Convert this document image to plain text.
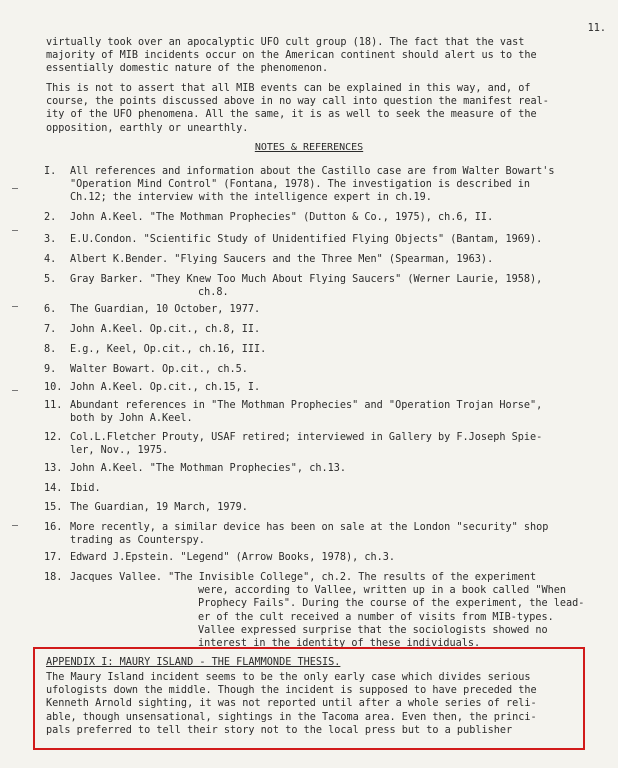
11.
virtually took over an apocalyptic UFO cult group (18). The fact that the vast
majority of MIB incidents occur on the American continent should alert us to the
essentially domestic nature of the phenomenon.
This is not to assert that all MIB events can be explained in this way, and, of
course, the points discussed above in no way call into question the manifest real-
ity of the UFO phenomena. All the same, it is as well to seek the measure of the
opposition, earthly or unearthly.
NOTES & REFERENCES
I.	All references and information about the Castillo case are from Walter Bowart's
"Operation Mind Control" (Fontana, 1978). The investigation is described in
Ch.12; the interview with the intelligence expert in ch.19.
2.	John A.Keel. "The Mothman Prophecies" (Dutton & Co., 1975), ch.6, II.
3.	E.U.Condon. "Scientific Study of Unidentified Flying Objects" (Bantam, 1969).
4.	Albert K.Bender. "Flying Saucers and the Three Men" (Spearman, 1963).
5.	Gray Barker. "They Knew Too Much About Flying Saucers" (Werner Laurie, 1958),
ch.8.
6.	The Guardian, 10 October, 1977.
7.	John A.Keel. Op.cit., ch.8, II.
8.	E.g., Keel, Op.cit., ch.16, III.
9.	Walter Bowart. Op.cit., ch.5.
10. John A.Keel. Op.cit., ch.15, I.
11. Abundant references in "The Mothman Prophecies" and "Operation Trojan Horse",
both by John A.Keel.
12. Col.L.Fletcher Prouty, USAF retired; interviewed in Gallery by F.Joseph Spie-
ler, Nov., 1975.
13. John A.Keel. "The Mothman Prophecies", ch.13.
14. Ibid.
15. The Guardian, 19 March, 1979.
16. More recently, a similar device has been on sale at the London "security" shop
trading as Counterspy.
17. Edward J.Epstein. "Legend" (Arrow Books, 1978), ch.3.
18. Jacques Vallee. "The Invisible College", ch.2. The results of the experiment
were, according to Vallee, written up in a book called "When
Prophecy Fails". During the course of the experiment, the lead-
er of the cult received a number of visits from MIB-types.
Vallee expressed surprise that the sociologists showed no
interest in the identity of these individuals.
APPENDIX I: MAURY ISLAND - THE FLAMMONDE THESIS.
The Maury Island incident seems to be the only early case which divides serious
ufologists down the middle. Though the incident is supposed to have preceded the
Kenneth Arnold sighting, it was not reported until after a whole series of reli-
able, though unsensational, sightings in the Tacoma area. Even then, the princi-
pals preferred to tell their story not to the local press but to a publisher
